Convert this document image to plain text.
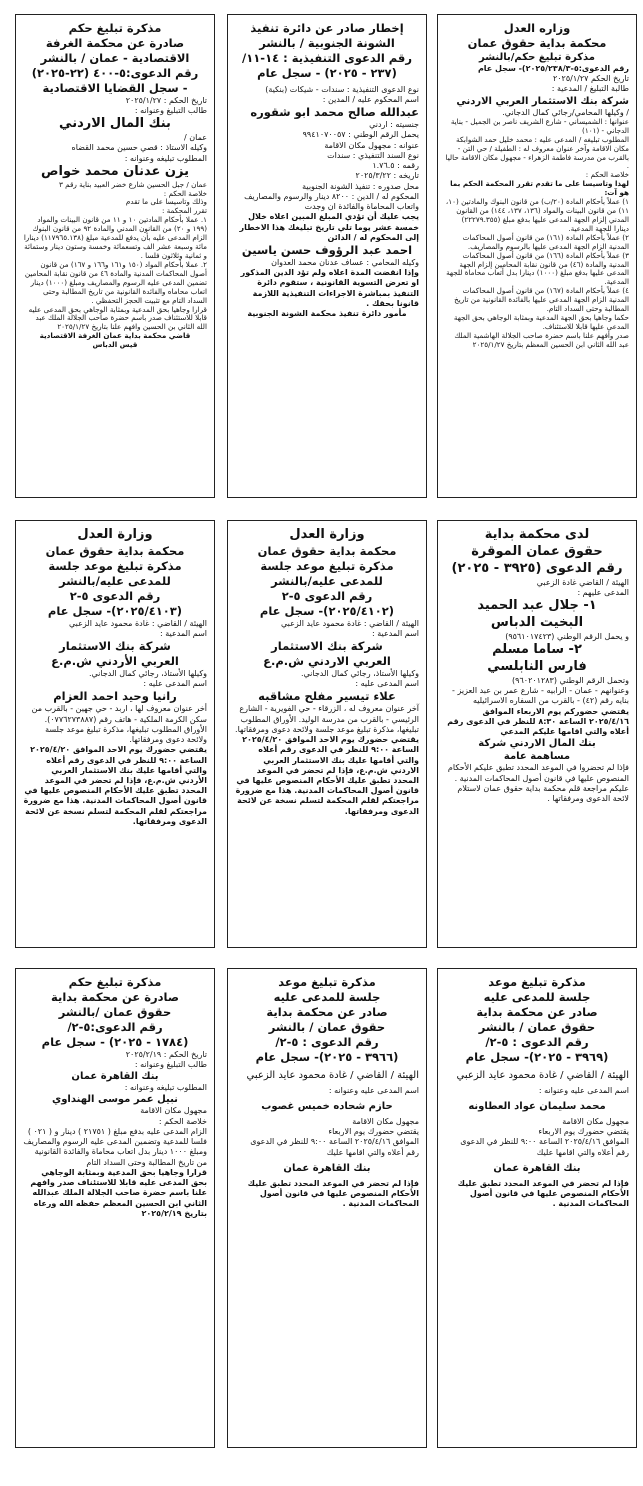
وزاره العدل
محكمة بداية حقوق عمان
مذكرة تبليغ حكم/بالنشر
رقم الدعوى:٥-٢٠٢٥/٢٣٨/٣)- سجل عام
تاريخ الحكم ٢٠٢٥/١/٢٧
طالبة التبليغ / المدعية :
شركة بنك الاستثمار العربي الاردني
/ وكيلها المحامي/رجائي كمال الدجاني.
عنوانها : الشميساني - شارع الشريف ناصر بن الجميل - بناية الدجاني - (١٠١)
المطلوب تبليغه / المدعى عليه : محمد خليل حمد الشوابكة مكان الاقامة وآخر عنوان معروف له : الطفيلة / حي التن - بالقرب من مدرسة فاطمة الزهراء - مجهول مكان الاقامة حاليا .
خلاصة الحكم :
لهذا وتاسيسا على ما تقدم تقرر المحكمة الحكم بما هو آت:
١) عملاً بأحكام المادة (٢٠/ب) من قانون البنوك والمادتين (١٠، ١١) من قانون البينات والمواد (١٣٦، ١٣٧، ١٤٤) من القانون المدني إلزام الجهة المدعى عليها بدفع مبلغ (٢٢٢٧٩.٣٥٥) دينارا للجهة المدعية.
٢) عملاً بأحكام المادة (١٦١) من قانون أصول المحاكمات المدنية الزام الجهة المدعى عليها بالرسوم والمصاريف.
٣) عملاً بأحكام المادة (١٦٦) من قانون أصول المحاكمات المدنية والمادة (٤٦) من قانون نقابة المحامين إلزام الجهة المدعى عليها بدفع مبلغ (١٠٠٠) دينارا بدل أتعاب محاماة للجهة المدعية.
٤) عملاً بأحكام المادة (١٦٧) من قانون أصول المحاكمات المدنية الزام الجهة المدعى عليها بالفائدة القانونية من تاريخ المطالبة وحتى السداد التام.
حكما وجاهيا بحق الجهة المدعية وبمثابة الوجاهي بحق الجهة المدعى عليها قابلا للاستئناف.
صدر وأفهم علنا باسم حضرة صاحب الجلالة الهاشمية الملك عبد الله الثاني ابن الحسين المعظم بتاريخ ٢٠٢٥/١/٢٧
إخطار صادر عن دائرة تنفيذ
الشونة الجنوبية / بالنشر
رقم الدعوى التنفيذية : ١٤-١١/
(٢٣٧ - ٢٠٢٥) - سجل عام
نوع الدعوى التنفيذية : سندات - شيكات (بنكية)
اسم المحكوم عليه / المدين :
عبدالله صالح محمد ابو شقوره
جنسيته : اردني
يحمل الرقم الوطني : ٩٩٤١٠٧٠٠٥٧
عنوانه : مجهول مكان الاقامة
نوع السند التنفيذي : سندات
رقمه : ١.٧٦.٥
تاريخه : ٢٠٢٥/٣/٢٢
محل صدوره : تنفيذ الشونة الجنوبية
المحكوم له / الدين : ٨٢٠٠ دينار والرسوم والمصاريف واتعاب المحاماة والفائدة ان وجدت
يجب عليك أن تؤدي المبلغ المبين اعلاه خلال خمسة عشر يوما تلي تاريخ تبليغك هذا الاخطار إلى المحكوم له / الدائن
احمد عبد الرؤوف حسن ياسين
وكيله المحامي : عساف عدنان محمد العدوان
وإذا انقضت المدة اعلاه ولم تؤد الدين المذكور او تعرض التسوية القانونية ، ستقوم دائرة التنفيذ بمباشرة الاجراءات التنفيذية اللازمة قانونا بحقك .
مأمور دائرة تنفيذ محكمة الشونة الجنوبية
مذكرة تبليغ حكم
صادرة عن محكمة الغرفة
الاقتصادية - عمان / بالنشر
رقم الدعوى:٥-٤٠٠ (٢٢-٢٠٢٥)
- سجل القضايا الاقتصادية
تاريخ الحكم : ٢٠٢٥/١/٢٧
طالب التبليغ وعنوانه :
بنك المال الاردني
عمان /
وكيله الاستاذ : قصي حسين محمد القضاه
المطلوب تبليغه وعنوانه :
يزن عدنان محمد خواص
عمان / جبل الحسين شارع خضر العبيد بناية رقم ٣
خلاصة الحكم :
وذلك وتاسيسا على ما تقدم
تقرر المحكمة :
١. عملا بأحكام المادتين ١٠ و ١١ من قانون البينات والمواد (١٩٩ و ٢٠) من القانون المدني والمادة ٩٢ من قانون البنوك الزام المدعى عليه بأن يدفع للمدعية مبلغ (١١٧٩٦٥.١٣٨) دينارا مائة وسبعة عشر الف وتسعمائة وخمسة وستون دينار وستمائة و ثمانية وثلاثون فلسا .
٢. عملا بأحكام المواد (١٥٠ و١٦١ و١٦٦ و ١٦٧) من قانون أصول المحاكمات المدنية والمادة ٤٦ من قانون نقابة المحامين تضمين المدعى عليه الرسوم والمصاريف ومبلغ (١٠٠٠) دينار اتعاب محاماه والفائدة القانونية من تاريخ المطالبة وحتى السداد التام مع تثبيت الحجز التحفظي .
قرارا وجاهيا بحق المدعية وبمثابة الوجاهي بحق المدعى عليه قابلا للاستئناف صدر باسم حضرة صاحب الجلالة الملك عبد الله الثاني بن الحسين وافهم علنا بتاريخ ٢٠٢٥/١/٢٧
قاضي محكمة بداية عمان الغرفة الاقتصادية
قيس الدباس
لدى محكمة بداية
حقوق عمان الموقرة
رقم الدعوى (٣٩٢٥ - ٢٠٢٥)
الهيئة / القاضي غادة الزعبي
المدعى عليهم :
١- جلال عبد الحميد
البخيت الدباس
و يحمل الرقم الوطني (٩٥٦١٠١٧٤٢٣)
٢- ساما مسلم
فارس النابلسي
وتحمل الرقم الوطني (٩٦٠٢٠١٢٨٣)
وعنوانهم - عمان - الرابيه - شارع عمر بن عبد العزيز - بنايه رقم (٤٢) - بالقرب من السفاره الاسرائيليه
يقتضي حضوركم يوم الاربعاء الموافق ٢٠٢٥/٤/١٦ الساعة ٨:٣٠ للنظر في الدعوى رقم أعلاه والتي اقامها عليكم المدعي
بنك المال الاردني شركة
مساهمة عامة
فإذا لم تحضروا في الموعد المحدد تطبق عليكم الأحكام المنصوص عليها في قانون أصول المحاكمات المدنية .
عليكم مراجعة قلم محكمة بداية حقوق عمان لاستلام لائحة الدعوى ومرفقاتها .
وزارة العدل
محكمة بداية حقوق عمان
مذكرة تبليغ موعد جلسة
للمدعى عليه/بالنشر
رقم الدعوى ٥-٢
(٢٠٢٥/٤١٠٢)- سجل عام
الهيئة / القاضي : غادة محمود عايد الزعبي
اسم المدعية :
شركة بنك الاستثمار
العربي الاردني ش.م.ع
وكيلها الأستاذ، رجائي كمال الدجاني.
اسم المدعى عليه :
علاء تيسير مفلح مشاقبه
آخر عنوان معروف له ، الزرقاء - حي الفويرية - الشارع الرئيسي - بالقرب من مدرسة الوليد. الأوراق المطلوب تبليغها، مذكرة تبليغ موعد جلسة ولائحة دعوى ومرفقاتها.
يقتضي حضورك يوم الاحد الموافق ٢٠٢٥/٤/٢٠ الساعة ٩:٠٠ للنظر في الدعوى رقم أعلاه والتي أقامها عليك بنك الاستثمار العربي الاردني ش.م.ع، فإذا لم تحضر في الموعد المحدد تطبق عليك الأحكام المنصوص عليها في قانون أصول المحاكمات المدنية. هذا مع ضرورة مراجعتكم لقلم المحكمة لتسلم نسخة عن لائحة الدعوى ومرفقاتها.
وزارة العدل
محكمة بداية حقوق عمان
مذكرة تبليغ موعد جلسة
للمدعى عليه/بالنشر
رقم الدعوى ٥-٢
(٢٠٢٥/٤١٠٣)- سجل عام
الهيئة / القاضي : غادة محمود عايد الزعبي
اسم المدعية :
شركة بنك الاستثمار
العربي الأردني ش.م.ع
وكيلها الأستاذ، رجائي كمال الدجاني.
اسم المدعى عليه :
رانيا وحيد احمد العزام
أخر عنوان معروف لها ، اربد - حي جهين - بالقرب من سكن الكرمة الملكية - هاتف رقم (٠٧٧٦٢٧٣٨٨٧).
الأوراق المطلوب تبليغها، مذكرة تبليغ موعد جلسة ولائحة دعوى ومرفقاتها.
يقتضي حضورك يوم الاحد الموافق ٢٠٢٥/٤/٢٠ الساعة ٩:٠٠ للنظر في الدعوى رقم أعلاه والتي أقامها عليك بنك الاستثمار العربي الأردني ش.م.ع، فإذا لم تحضر في الموعد المحدد تطبق عليك الأحكام المنصوص عليها في قانون أصول المحاكمات المدنية. هذا مع ضرورة مراجعتكم لقلم المحكمة لتسلم نسخة عن لائحة الدعوى ومرفقاتها.
مذكرة تبليغ موعد
جلسة للمدعى عليه
صادر عن محكمة بداية
حقوق عمان / بالنشر
رقم الدعوى : ٥-٢/
(٣٩٦٩ - ٢٠٢٥)- سجل عام
الهيئة / القاضي / غادة محمود عايد الزعبي
اسم المدعى عليه وعنوانه :
محمد سليمان عواد العطاونه
مجهول مكان الاقامة
يقتضي حضورك يوم الاربعاء
الموافق ٢٠٢٥/٤/١٦ الساعة ٩:٠٠ للنظر في الدعوى رقم أعلاه والتي اقامها عليك
بنك القاهرة عمان
فإذا لم تحضر في الموعد المحدد تطبق عليك الأحكام المنصوص عليها في قانون أصول المحاكمات المدنية .
مذكرة تبليغ موعد
جلسة للمدعى عليه
صادر عن محكمة بداية
حقوق عمان / بالنشر
رقم الدعوى : ٥-٢/
(٣٩٦٦ - ٢٠٢٥)- سجل عام
الهيئة / القاضي / غادة محمود عايد الزعبي
اسم المدعى عليه وعنوانه :
حازم شحاده خميس غصوب
مجهول مكان الاقامة
يقتضي حضورك يوم الاربعاء
الموافق ٢٠٢٥/٤/١٦ الساعة ٩:٠٠ للنظر في الدعوى رقم أعلاه والتي اقامها عليك
بنك القاهرة عمان
فإذا لم تحضر في الموعد المحدد تطبق عليك الأحكام المنصوص عليها في قانون أصول المحاكمات المدنية .
مذكرة تبليغ حكم
صادرة عن محكمة بداية
حقوق عمان /بالنشر
رقم الدعوى:٥-٢/
(١٧٨٤ - ٢٠٢٥) - سجل عام
تاريخ الحكم : ٢٠٢٥/٢/١٩
طالب التبليغ وعنوانه :
بنك القاهرة عمان
المطلوب تبليغه وعنوانه :
نبيل عمر موسى الهنداوي
مجهول مكان الاقامة
خلاصة الحكم :
الزام المدعى عليه بدفع مبلغ ( ٢١٧٥١ ) دينار و ( ٠٢١ ) فلسا للمدعية وتضمين المدعى عليه الرسوم والمصاريف ومبلغ ١٠٠٠ دينار بدل اتعاب محاماة والفائدة القانونية من تاريخ المطالبة وحتى السداد التام
قرارا وجاهيا بحق المدعية وبمثابة الوجاهي بحق المدعى عليه قابلا للاستئناف صدر وافهم علنا باسم حضرة صاحب الجلالة الملك عبدالله الثاني ابن الحسين المعظم حفظه الله ورعاه بتاريخ ٢٠٢٥/٢/١٩
